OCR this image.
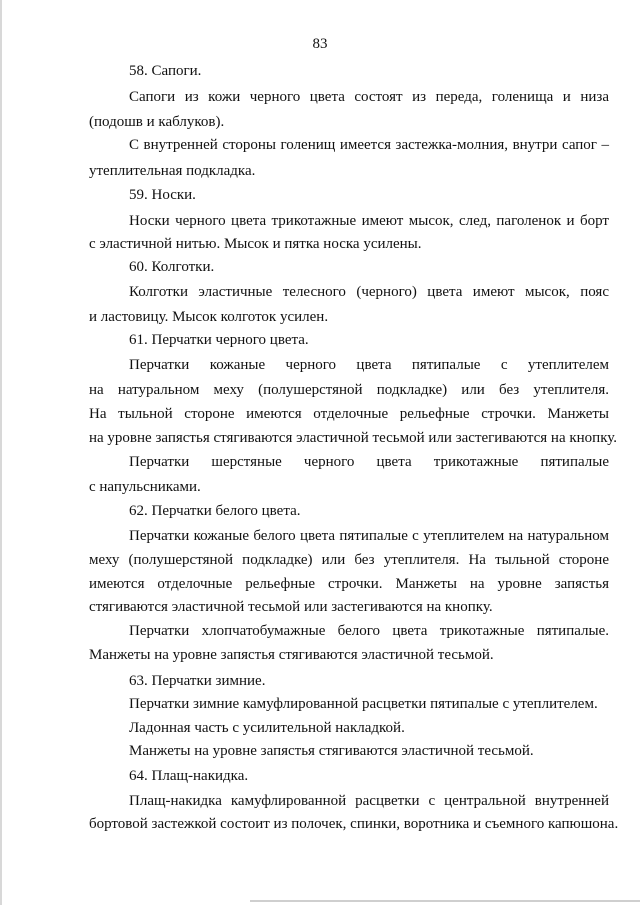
83
58. Сапоги.
Сапоги из кожи черного цвета состоят из переда, голенища и низа
(подошв и каблуков).
С внутренней стороны голенищ имеется застежка-молния, внутри сапог –
утеплительная подкладка.
59. Носки.
Носки черного цвета трикотажные имеют мысок, след, паголенок и борт
с эластичной нитью. Мысок и пятка носка усилены.
60. Колготки.
Колготки эластичные телесного (черного) цвета имеют мысок, пояс
и ластовицу. Мысок колготок усилен.
61. Перчатки черного цвета.
Перчатки кожаные черного цвета пятипалые с утеплителем
на натуральном меху (полушерстяной подкладке) или без утеплителя.
На тыльной стороне имеются отделочные рельефные строчки. Манжеты
на уровне запястья стягиваются эластичной тесьмой или застегиваются на кнопку.
Перчатки шерстяные черного цвета трикотажные пятипалые
с напульсниками.
62. Перчатки белого цвета.
Перчатки кожаные белого цвета пятипалые с утеплителем на натуральном
меху (полушерстяной подкладке) или без утеплителя. На тыльной стороне
имеются отделочные рельефные строчки. Манжеты на уровне запястья
стягиваются эластичной тесьмой или застегиваются на кнопку.
Перчатки хлопчатобумажные белого цвета трикотажные пятипалые.
Манжеты на уровне запястья стягиваются эластичной тесьмой.
63. Перчатки зимние.
Перчатки зимние камуфлированной расцветки пятипалые с утеплителем.
Ладонная часть с усилительной накладкой.
Манжеты на уровне запястья стягиваются эластичной тесьмой.
64. Плащ-накидка.
Плащ-накидка камуфлированной расцветки с центральной внутренней
бортовой застежкой состоит из полочек, спинки, воротника и съемного капюшона.
